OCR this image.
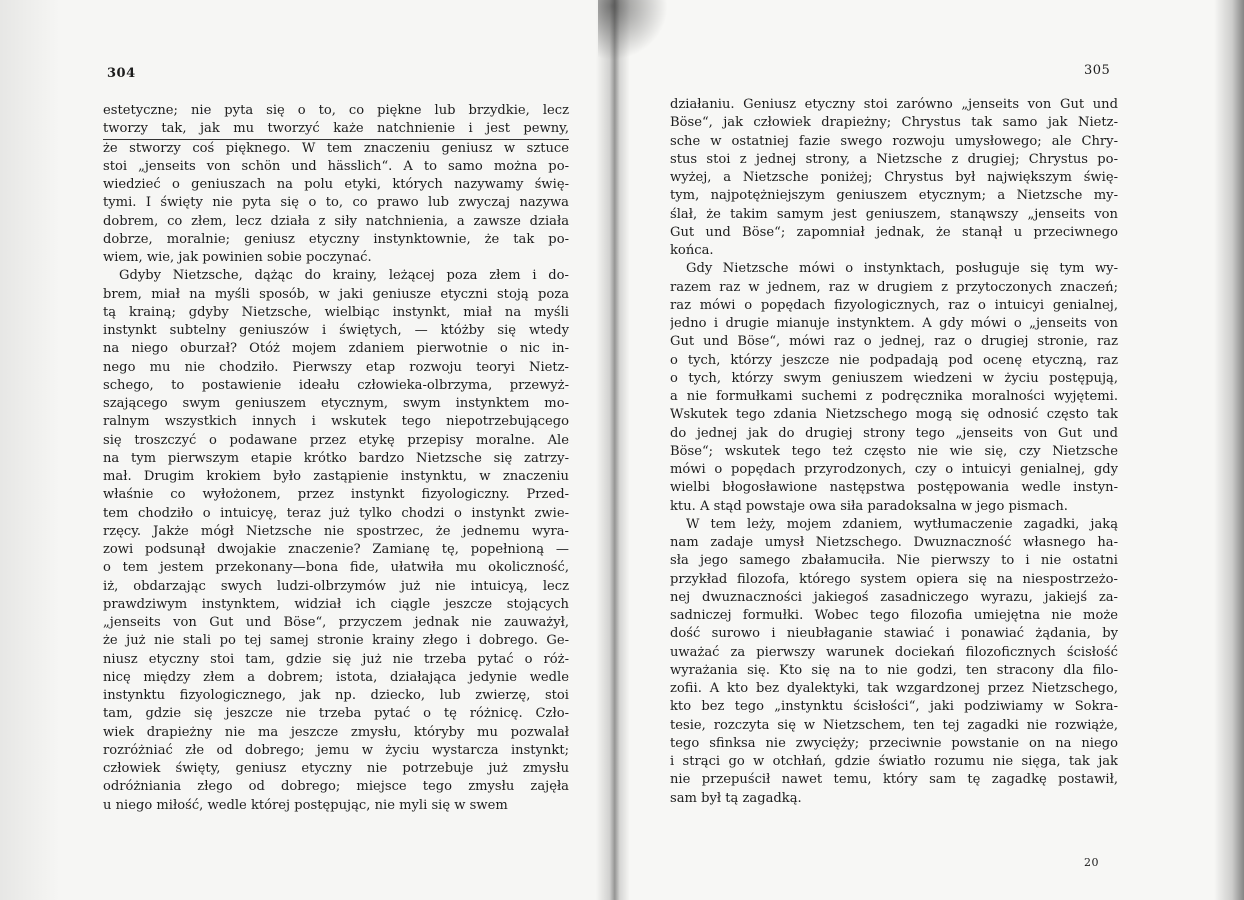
304	305
20
estetyczne; nie pyta się o to, co piękne lub brzydkie, lecz
tworzy tak, jak mu tworzyć każe natchnienie i jest pewny,
że stworzy coś pięknego. W tem znaczeniu geniusz w sztuce
stoi „jenseits von schön und hässlich“. A to samo można po-
wiedzieć o geniuszach na polu etyki, których nazywamy świę-
tymi. I święty nie pyta się o to, co prawo lub zwyczaj nazywa
dobrem, co złem, lecz działa z siły natchnienia, a zawsze działa
dobrze, moralnie; geniusz etyczny instynktownie, że tak po-
wiem, wie, jak powinien sobie poczynać.
Gdyby Nietzsche, dążąc do krainy, leżącej poza złem i do-
brem, miał na myśli sposób, w jaki geniusze etyczni stoją poza
tą krainą; gdyby Nietzsche, wielbiąc instynkt, miał na myśli
instynkt subtelny geniuszów i świętych, — któżby się wtedy
na niego oburzał? Otóż mojem zdaniem pierwotnie o nic in-
nego mu nie chodziło. Pierwszy etap rozwoju teoryi Nietz-
schego, to postawienie ideału człowieka-olbrzyma, przewyż-
szającego swym geniuszem etycznym, swym instynktem mo-
ralnym wszystkich innych i wskutek tego niepotrzebującego
się troszczyć o podawane przez etykę przepisy moralne. Ale
na tym pierwszym etapie krótko bardzo Nietzsche się zatrzy-
mał. Drugim krokiem było zastąpienie instynktu, w znaczeniu
właśnie co wyłożonem, przez instynkt fizyologiczny. Przed-
tem chodziło o intuicyę, teraz już tylko chodzi o instynkt zwie-
rzęcy. Jakże mógł Nietzsche nie spostrzec, że jednemu wyra-
zowi podsunął dwojakie znaczenie? Zamianę tę, popełnioną —
o tem jestem przekonany—bona fide, ułatwiła mu okoliczność,
iż, obdarzając swych ludzi-olbrzymów już nie intuicyą, lecz
prawdziwym instynktem, widział ich ciągle jeszcze stojących
„jenseits von Gut und Böse“, przyczem jednak nie zauważył,
że już nie stali po tej samej stronie krainy złego i dobrego. Ge-
niusz etyczny stoi tam, gdzie się już nie trzeba pytać o róż-
nicę między złem a dobrem; istota, działająca jedynie wedle
instynktu fizyologicznego, jak np. dziecko, lub zwierzę, stoi
tam, gdzie się jeszcze nie trzeba pytać o tę różnicę. Czło-
wiek drapieżny nie ma jeszcze zmysłu, któryby mu pozwalał
rozróżniać złe od dobrego; jemu w życiu wystarcza instynkt;
człowiek święty, geniusz etyczny nie potrzebuje już zmysłu
odróżniania złego od dobrego; miejsce tego zmysłu zajęła
u niego miłość, wedle której postępując, nie myli się w swem
działaniu. Geniusz etyczny stoi zarówno „jenseits von Gut und
Böse“, jak człowiek drapieżny; Chrystus tak samo jak Nietz-
sche w ostatniej fazie swego rozwoju umysłowego; ale Chry-
stus stoi z jednej strony, a Nietzsche z drugiej; Chrystus po-
wyżej, a Nietzsche poniżej; Chrystus był największym świę-
tym, najpotężniejszym geniuszem etycznym; a Nietzsche my-
ślał, że takim samym jest geniuszem, stanąwszy „jenseits von
Gut und Böse“; zapomniał jednak, że stanął u przeciwnego
końca.
Gdy Nietzsche mówi o instynktach, posługuje się tym wy-
razem raz w jednem, raz w drugiem z przytoczonych znaczeń;
raz mówi o popędach fizyologicznych, raz o intuicyi genialnej,
jedno i drugie mianuje instynktem. A gdy mówi o „jenseits von
Gut und Böse“, mówi raz o jednej, raz o drugiej stronie, raz
o tych, którzy jeszcze nie podpadają pod ocenę etyczną, raz
o tych, którzy swym geniuszem wiedzeni w życiu postępują,
a nie formułkami suchemi z podręcznika moralności wyjętemi.
Wskutek tego zdania Nietzschego mogą się odnosić często tak
do jednej jak do drugiej strony tego „jenseits von Gut und
Böse“; wskutek tego też często nie wie się, czy Nietzsche
mówi o popędach przyrodzonych, czy o intuicyi genialnej, gdy
wielbi błogosławione następstwa postępowania wedle instyn-
ktu. A stąd powstaje owa siła paradoksalna w jego pismach.
W tem leży, mojem zdaniem, wytłumaczenie zagadki, jaką
nam zadaje umysł Nietzschego. Dwuznaczność własnego ha-
sła jego samego zbałamuciła. Nie pierwszy to i nie ostatni
przykład filozofa, którego system opiera się na niespostrzeżo-
nej dwuznaczności jakiegoś zasadniczego wyrazu, jakiejś za-
sadniczej formułki. Wobec tego filozofia umiejętna nie może
dość surowo i nieubłaganie stawiać i ponawiać żądania, by
uważać za pierwszy warunek dociekań filozoficznych ścisłość
wyrażania się. Kto się na to nie godzi, ten stracony dla filo-
zofii. A kto bez dyalektyki, tak wzgardzonej przez Nietzschego,
kto bez tego „instynktu ścisłości“, jaki podziwiamy w Sokra-
tesie, rozczyta się w Nietzschem, ten tej zagadki nie rozwiąże,
tego sfinksa nie zwycięży; przeciwnie powstanie on na niego
i strąci go w otchłań, gdzie światło rozumu nie sięga, tak jak
nie przepuścił nawet temu, który sam tę zagadkę postawił,
sam był tą zagadką.
